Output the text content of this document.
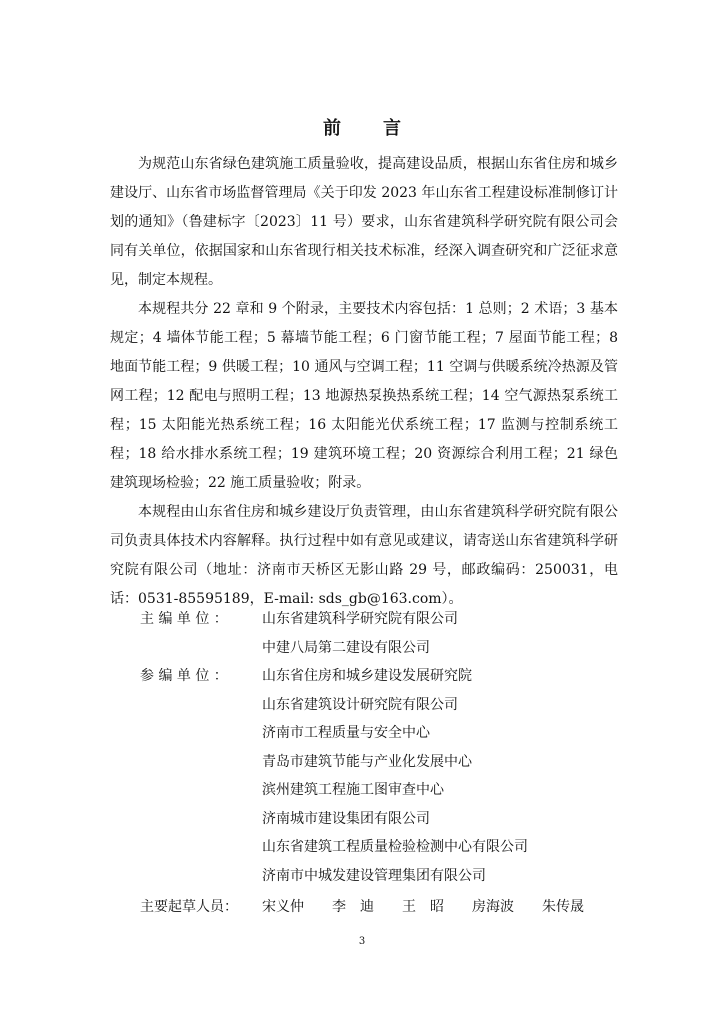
前　言

为规范山东省绿色建筑施工质量验收，提高建设品质，根据山东省住房和城乡建设厅、山东省市场监督管理局《关于印发 2023 年山东省工程建设标准制修订计划的通知》（鲁建标字〔2023〕11 号）要求，山东省建筑科学研究院有限公司会同有关单位，依据国家和山东省现行相关技术标准，经深入调查研究和广泛征求意见，制定本规程。

本规程共分 22 章和 9 个附录，主要技术内容包括：1 总则；2 术语；3 基本规定；4 墙体节能工程；5 幕墙节能工程；6 门窗节能工程；7 屋面节能工程；8 地面节能工程；9 供暖工程；10 通风与空调工程；11 空调与供暖系统冷热源及管网工程；12 配电与照明工程；13 地源热泵换热系统工程；14 空气源热泵系统工程；15 太阳能光热系统工程；16 太阳能光伏系统工程；17 监测与控制系统工程；18 给水排水系统工程；19 建筑环境工程；20 资源综合利用工程；21 绿色建筑现场检验；22 施工质量验收；附录。

本规程由山东省住房和城乡建设厅负责管理，由山东省建筑科学研究院有限公司负责具体技术内容解释。执行过程中如有意见或建议，请寄送山东省建筑科学研究院有限公司（地址：济南市天桥区无影山路 29 号，邮政编码：250031，电话：0531-85595189，E-mail: sds_gb@163.com）。

主 编 单 位 ：	山东省建筑科学研究院有限公司
中建八局第二建设有限公司
参 编 单 位 ：	山东省住房和城乡建设发展研究院
山东省建筑设计研究院有限公司
济南市工程质量与安全中心
青岛市建筑节能与产业化发展中心
滨州建筑工程施工图审查中心
济南城市建设集团有限公司
山东省建筑工程质量检验检测中心有限公司
济南市中城发建设管理集团有限公司
主要起草人员：	宋义仲	李　迪	王　昭	房海波	朱传晟
3
